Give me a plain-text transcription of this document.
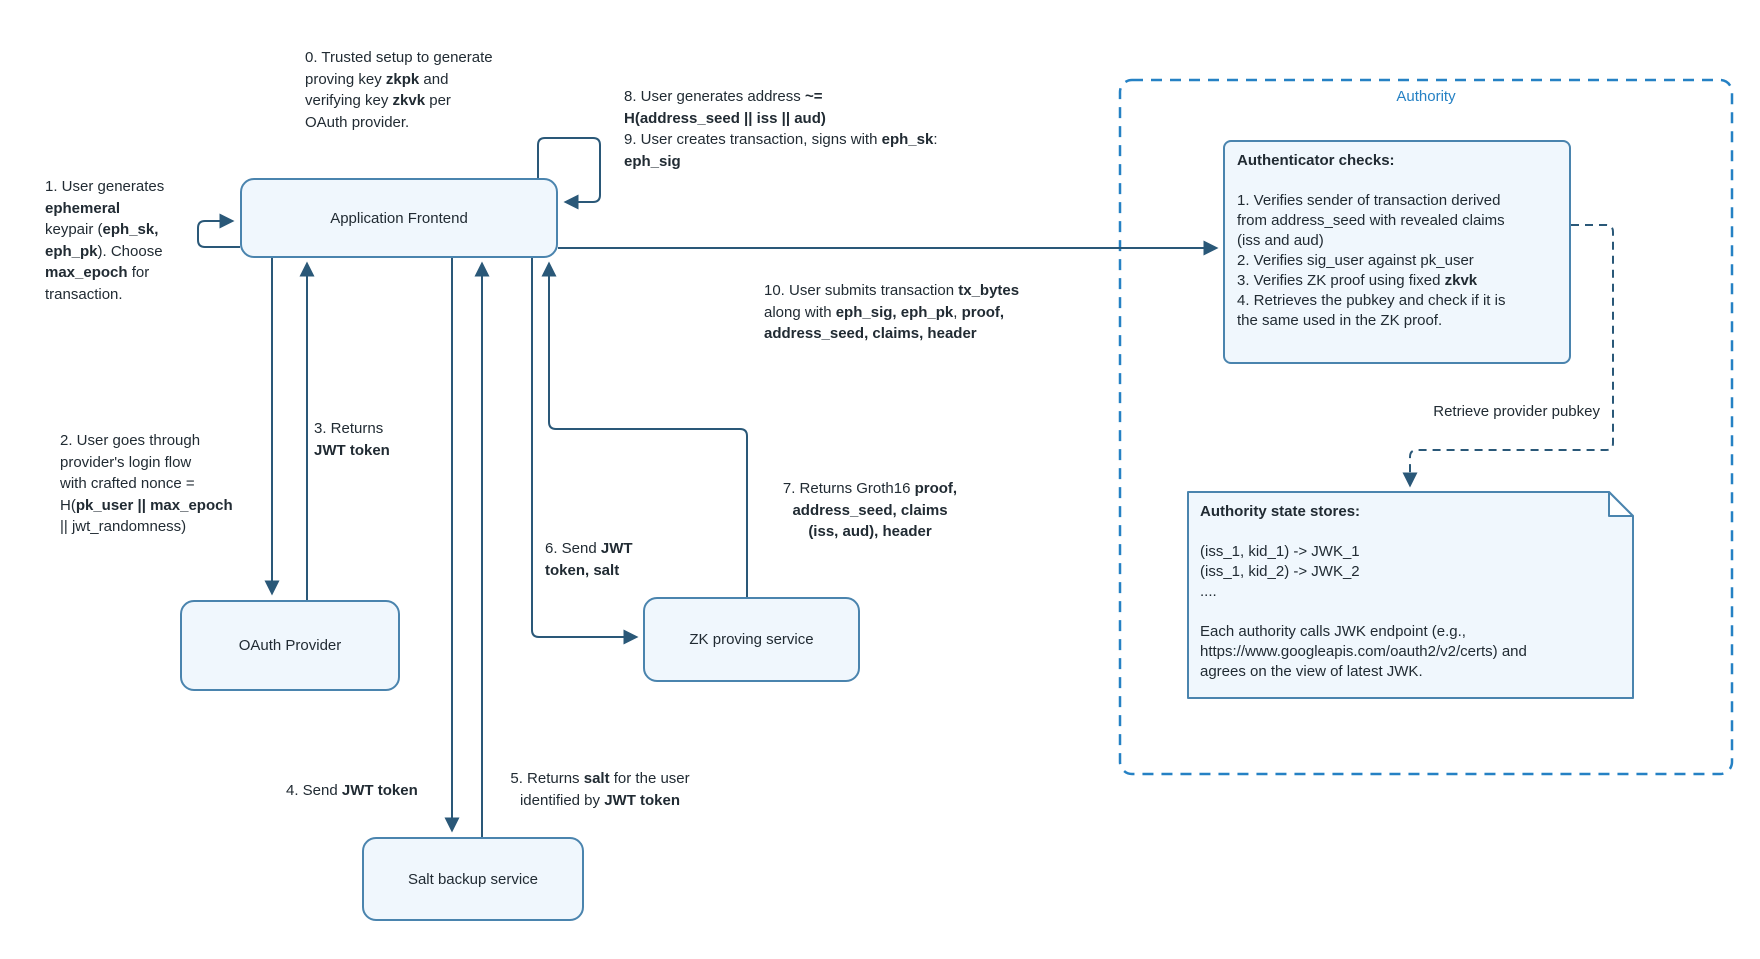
Application Frontend
OAuth Provider	ZK proving service
Salt backup service
Authenticator checks:

1. Verifies sender of transaction derived
from address_seed with revealed claims
(iss and aud)
2. Verifies sig_user against pk_user
3. Verifies ZK proof using fixed zkvk
4. Retrieves the pubkey and check if it is
the same used in the ZK proof.
Authority state stores:

(iss_1, kid_1) -> JWK_1
(iss_1, kid_2) -> JWK_2
....

Each authority calls JWK endpoint (e.g.,
https://www.googleapis.com/oauth2/v2/certs) and
agrees on the view of latest JWK.
Authority
Retrieve provider pubkey
0. Trusted setup to generate
proving key zkpk and
verifying key zkvk per
OAuth provider.
1. User generates
ephemeral
keypair (eph_sk,
eph_pk). Choose
max_epoch for
transaction.
2. User goes through
provider's login flow
with crafted nonce =
H(pk_user || max_epoch
|| jwt_randomness)
3. Returns
JWT token
4. Send JWT token
5. Returns salt for the user
identified by JWT token
6. Send JWT
token, salt
7. Returns Groth16 proof,
address_seed, claims
(iss, aud), header
8. User generates address ~=
H(address_seed || iss || aud)
9. User creates transaction, signs with eph_sk:
eph_sig
10. User submits transaction tx_bytes
along with eph_sig, eph_pk, proof,
address_seed, claims, header
